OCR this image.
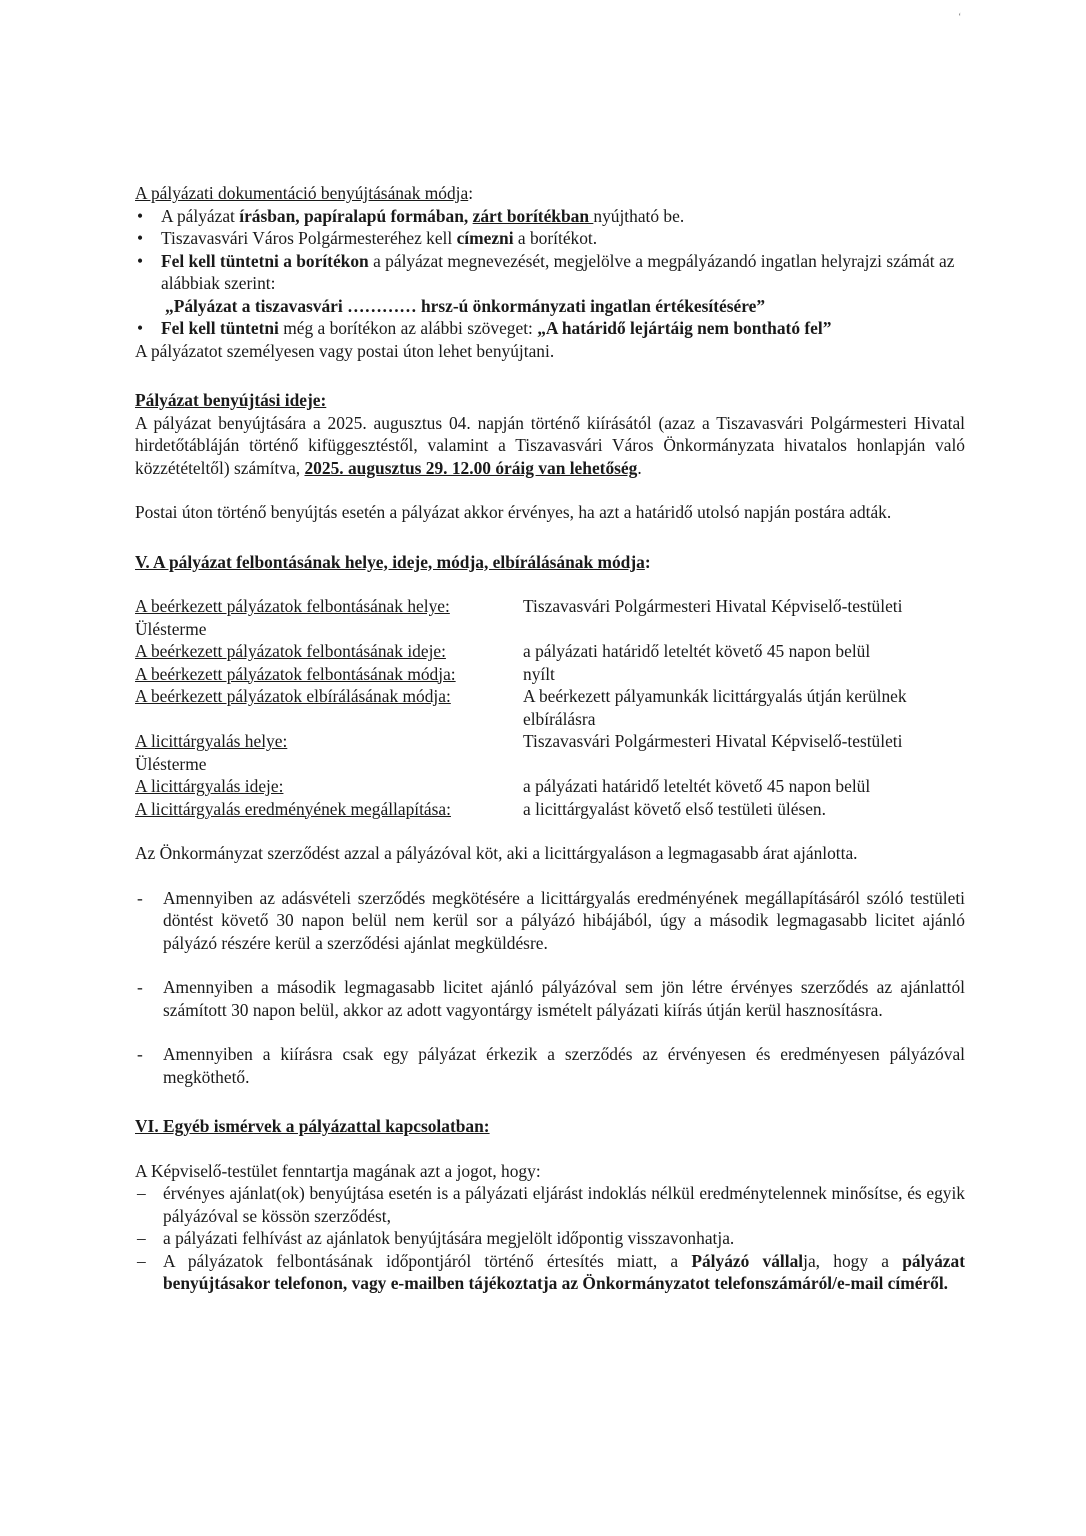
ʻ

A pályázati dokumentáció benyújtásának módja:

• A pályázat írásban, papíralapú formában, zárt borítékban nyújtható be.
• Tiszavasvári Város Polgármesteréhez kell címezni a borítékot.
• Fel kell tüntetni a borítékon a pályázat megnevezését, megjelölve a megpályázandó ingatlan helyrajzi számát az alábbiak szerint:

„Pályázat a tiszavasvári ………… hrsz-ú önkormányzati ingatlan értékesítésére”

• Fel kell tüntetni még a borítékon az alábbi szöveget: „A határidő lejártáig nem bontható fel”

A pályázatot személyesen vagy postai úton lehet benyújtani.

Pályázat benyújtási ideje:

A pályázat benyújtására a 2025. augusztus 04. napján történő kiírásától (azaz a Tiszavasvári Polgármesteri Hivatal hirdetőtábláján történő kifüggesztéstől, valamint a Tiszavasvári Város Önkormányzata hivatalos honlapján való közzétételtől) számítva, 2025. augusztus 29. 12.00 óráig van lehetőség.

Postai úton történő benyújtás esetén a pályázat akkor érvényes, ha azt a határidő utolsó napján postára adták.

V. A pályázat felbontásának helye, ideje, módja, elbírálásának módja:

A beérkezett pályázatok felbontásának helye:	Tiszavasvári Polgármesteri Hivatal Képviselő-testületi
Ülésterme
A beérkezett pályázatok felbontásának ideje:	a pályázati határidő leteltét követő 45 napon belül
A beérkezett pályázatok felbontásának módja:	nyílt
A beérkezett pályázatok elbírálásának módja:	A beérkezett pályamunkák licittárgyalás útján kerülnek elbírálásra
A licittárgyalás helye:	Tiszavasvári Polgármesteri Hivatal Képviselő-testületi
Ülésterme
A licittárgyalás ideje:	a pályázati határidő leteltét követő 45 napon belül
A licittárgyalás eredményének megállapítása:	a licittárgyalást követő első testületi ülésen.

Az Önkormányzat szerződést azzal a pályázóval köt, aki a licittárgyaláson a legmagasabb árat ajánlotta.

- Amennyiben az adásvételi szerződés megkötésére a licittárgyalás eredményének megállapításáról szóló testületi döntést követő 30 napon belül nem kerül sor a pályázó hibájából, úgy a második legmagasabb licitet ajánló pályázó részére kerül a szerződési ajánlat megküldésre.
- Amennyiben a második legmagasabb licitet ajánló pályázóval sem jön létre érvényes szerződés az ajánlattól számított 30 napon belül, akkor az adott vagyontárgy ismételt pályázati kiírás útján kerül hasznosításra.
- Amennyiben a kiírásra csak egy pályázat érkezik a szerződés az érvényesen és eredményesen pályázóval megköthető.

VI. Egyéb ismérvek a pályázattal kapcsolatban:

A Képviselő-testület fenntartja magának azt a jogot, hogy:

– érvényes ajánlat(ok) benyújtása esetén is a pályázati eljárást indoklás nélkül eredménytelennek minősítse, és egyik pályázóval se kössön szerződést,
– a pályázati felhívást az ajánlatok benyújtására megjelölt időpontig visszavonhatja.
– A pályázatok felbontásának időpontjáról történő értesítés miatt, a Pályázó vállalja, hogy a pályázat benyújtásakor telefonon, vagy e-mailben tájékoztatja az Önkormányzatot telefonszámáról/e-mail címéről.
